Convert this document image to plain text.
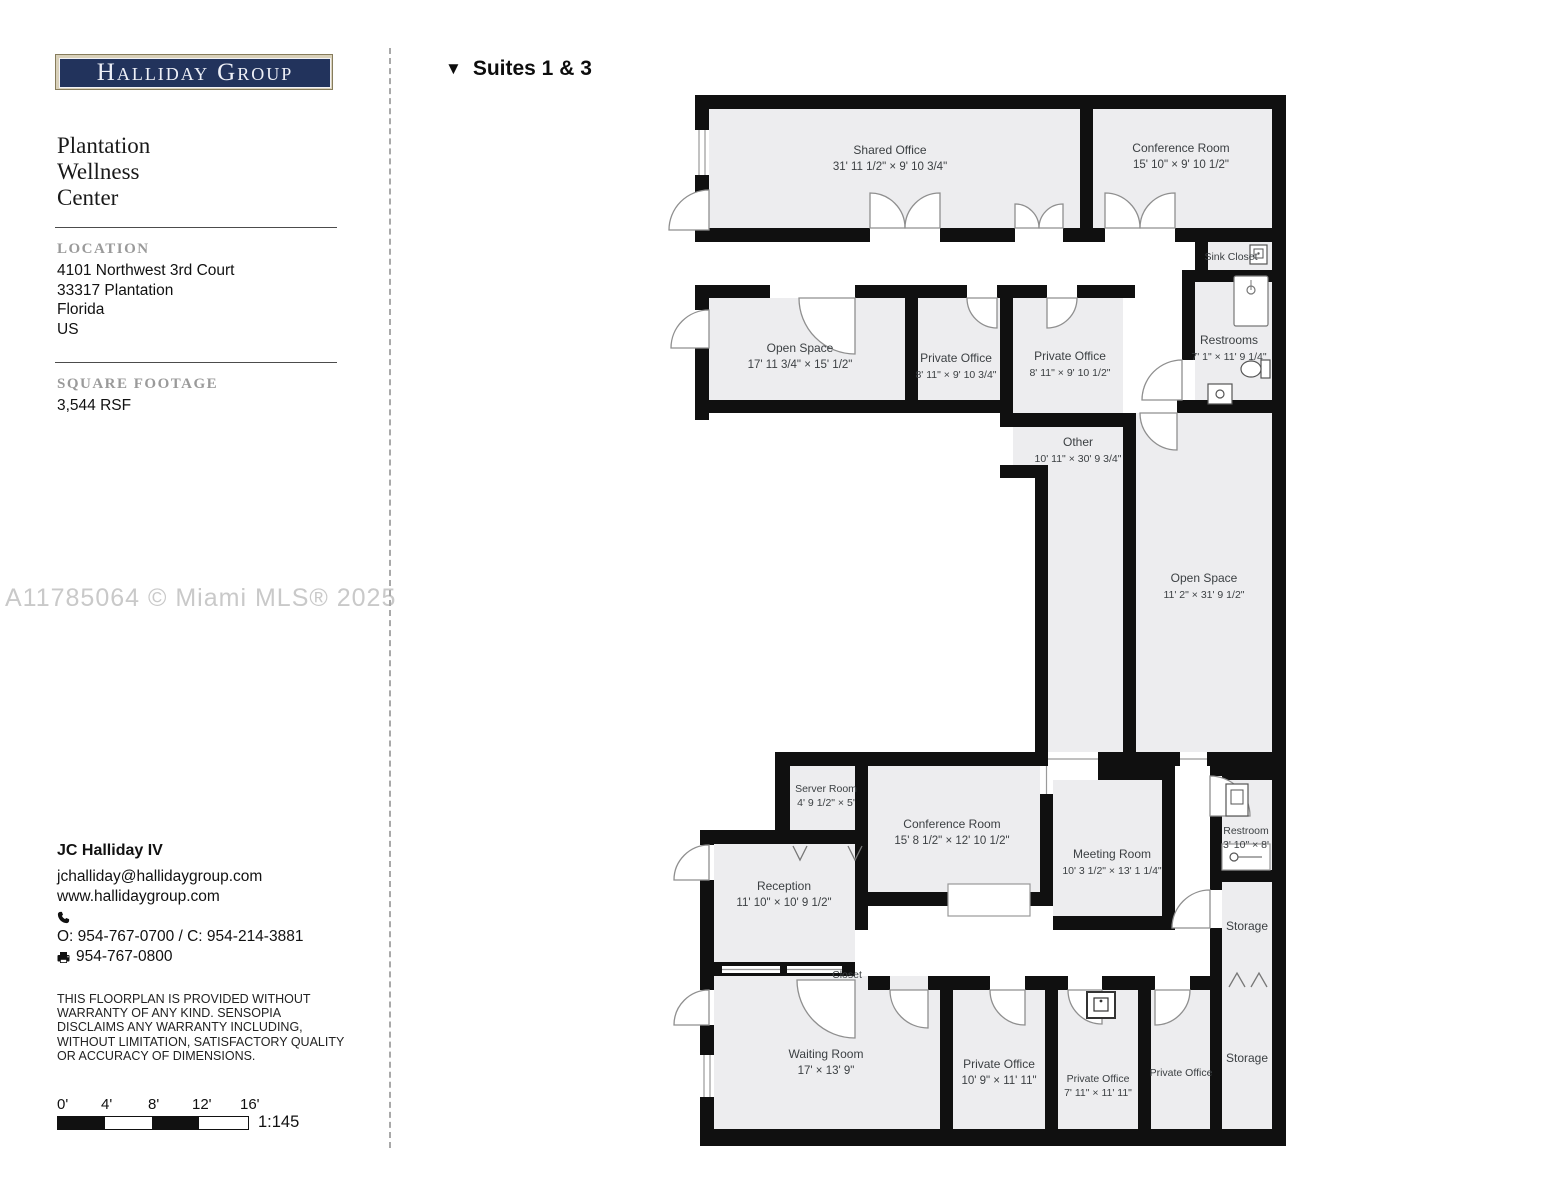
Halliday Group
Plantation
Wellness
Center
LOCATION
4101 Northwest 3rd Court
33317 Plantation
Florida
US
SQUARE FOOTAGE
3,544 RSF
A11785064 © Miami MLS® 2025
JC Halliday IV
jchalliday@hallidaygroup.com
www.hallidaygroup.com
O: 954-767-0700 / C: 954-214-3881
954-767-0800
THIS FLOORPLAN IS PROVIDED WITHOUT WARRANTY OF ANY KIND. SENSOPIA DISCLAIMS ANY WARRANTY INCLUDING, WITHOUT LIMITATION, SATISFACTORY QUALITY OR ACCURACY OF DIMENSIONS.
0' 4' 8' 12' 16'
1:145
▼ Suites 1 & 3
Shared Office
31' 11 1/2" × 9' 10 3/4"
Conference Room
15' 10" × 9' 10 1/2"
Sink Closet
Restrooms
7' 1" × 11' 9 1/4"
Open Space
17' 11 3/4" × 15' 1/2"	Private Office
8' 11" × 9' 10 3/4"
Private Office
8' 11" × 9' 10 1/2"
Other
10' 11" × 30' 9 3/4"
Open Space
11' 2" × 31' 9 1/2"
Server Room
4' 9 1/2" × 5'
Conference Room
15' 8 1/2" × 12' 10 1/2"
Meeting Room
10' 3 1/2" × 13' 1 1/4"
Reception
11' 10" × 10' 9 1/2"
Restroom
3' 10" × 8'
Storage
Closet
Waiting Room
17' × 13' 9"	Private Office
10' 9" × 11' 11"	Private Office
7' 11" × 11' 11"
Private Office
Storage
